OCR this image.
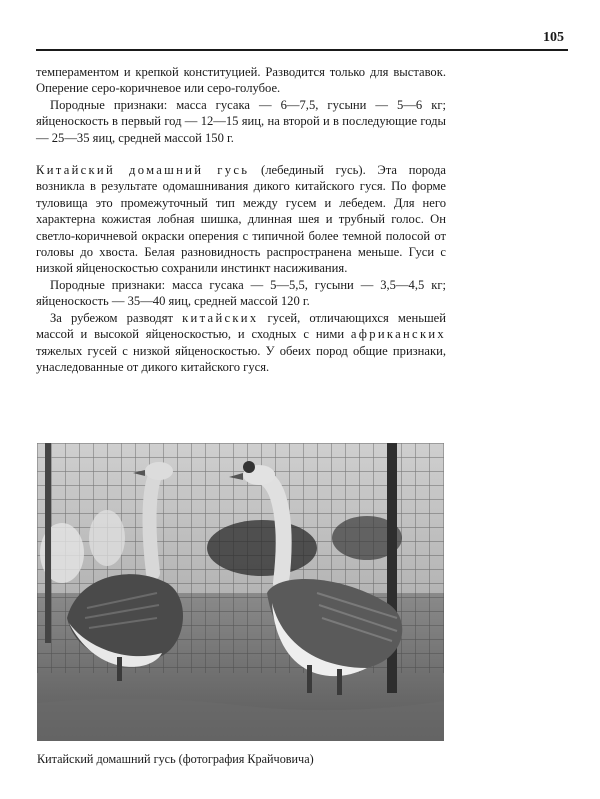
105

темпераментом и крепкой конституцией. Разводится только для выставок. Оперение серо-коричневое или серо-голубое.

Породные признаки: масса гусака — 6—7,5, гусыни — 5—6 кг; яйценоскость в первый год — 12—15 яиц, на второй и в последующие годы — 25—35 яиц, средней массой 150 г.

Китайский домашний гусь (лебединый гусь). Эта порода возникла в результате одомашнивания дикого китайского гуся. По форме туловища это промежуточный тип между гусем и лебедем. Для него характерна кожистая лобная шишка, длинная шея и трубный голос. Он светло-коричневой окраски оперения с типичной более темной полосой от головы до хвоста. Белая разновидность распространена меньше. Гуси с низкой яйценоскостью сохранили инстинкт насиживания.

Породные признаки: масса гусака — 5—5,5, гусыни — 3,5—4,5 кг; яйценоскость — 35—40 яиц, средней массой 120 г.

За рубежом разводят китайских гусей, отличающихся меньшей массой и высокой яйценоскостью, и сходных с ними африканских тяжелых гусей с низкой яйценоскостью. У обеих пород общие признаки, унаследованные от дикого китайского гуся.

Китайский домашний гусь (фотография Крайчовича)
